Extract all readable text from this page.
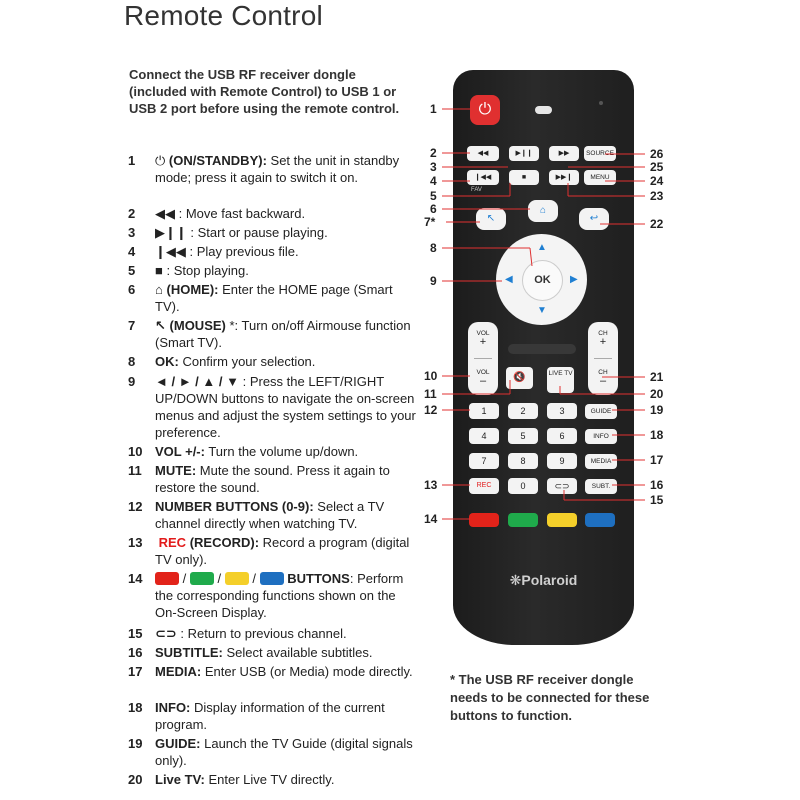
Remote Control
Connect the USB RF receiver dongle (included with Remote Control) to USB 1 or USB 2 port before using the remote control.
1 ⏻ (ON/STANDBY): Set the unit in standby mode; press it again to switch it on.
2 ◀◀ : Move fast backward.
3 ▶❙❙ : Start or pause playing.
4 ❙◀◀ : Play previous file.
5 ■ : Stop playing.
6 ⌂ (HOME): Enter the HOME page (Smart TV).
7 ↖ (MOUSE) *: Turn on/off Airmouse function (Smart TV).
8 OK: Confirm your selection.
9 ◄ / ► / ▲ / ▼ : Press the LEFT/RIGHT UP/DOWN buttons to navigate the on-screen menus and adjust the system settings to your preference.
10 VOL +/-: Turn the volume up/down.
11 MUTE: Mute the sound. Press it again to restore the sound.
12 NUMBER BUTTONS (0-9): Select a TV channel directly when watching TV.
13 REC (RECORD): Record a program (digital TV only).
14	/ / / BUTTONS: Perform the corresponding functions shown on the On-Screen Display.
15 ⊂⊃ : Return to previous channel.
16 SUBTITLE: Select available subtitles.
17 MEDIA: Enter USB (or Media) mode directly.
18 INFO: Display information of the current program.
19 GUIDE: Launch the TV Guide (digital signals only).
20 Live TV: Enter Live TV directly.
⏻
◀◀	▶❙❙	▶▶	SOURCE
❙◀◀	■	▶▶❙	MENU
FAV
↖
⌂
↩
▲
▼
◀	▶
OK
VOL
+
VOL
–
CH
+
CH
–
🔇	LIVE TV
1	2	3	GUIDE
4	5	6	INFO
7	8	9	MEDIA
REC	0	⊂⊃	SUBT.
❋Polaroid
1
2
3
4
5
6
7*
8
9
10
11
12
13
14
26
25
24
23
22
21
20
19
18
17
16
15
* The USB RF receiver dongle needs to be connected for these buttons to function.
